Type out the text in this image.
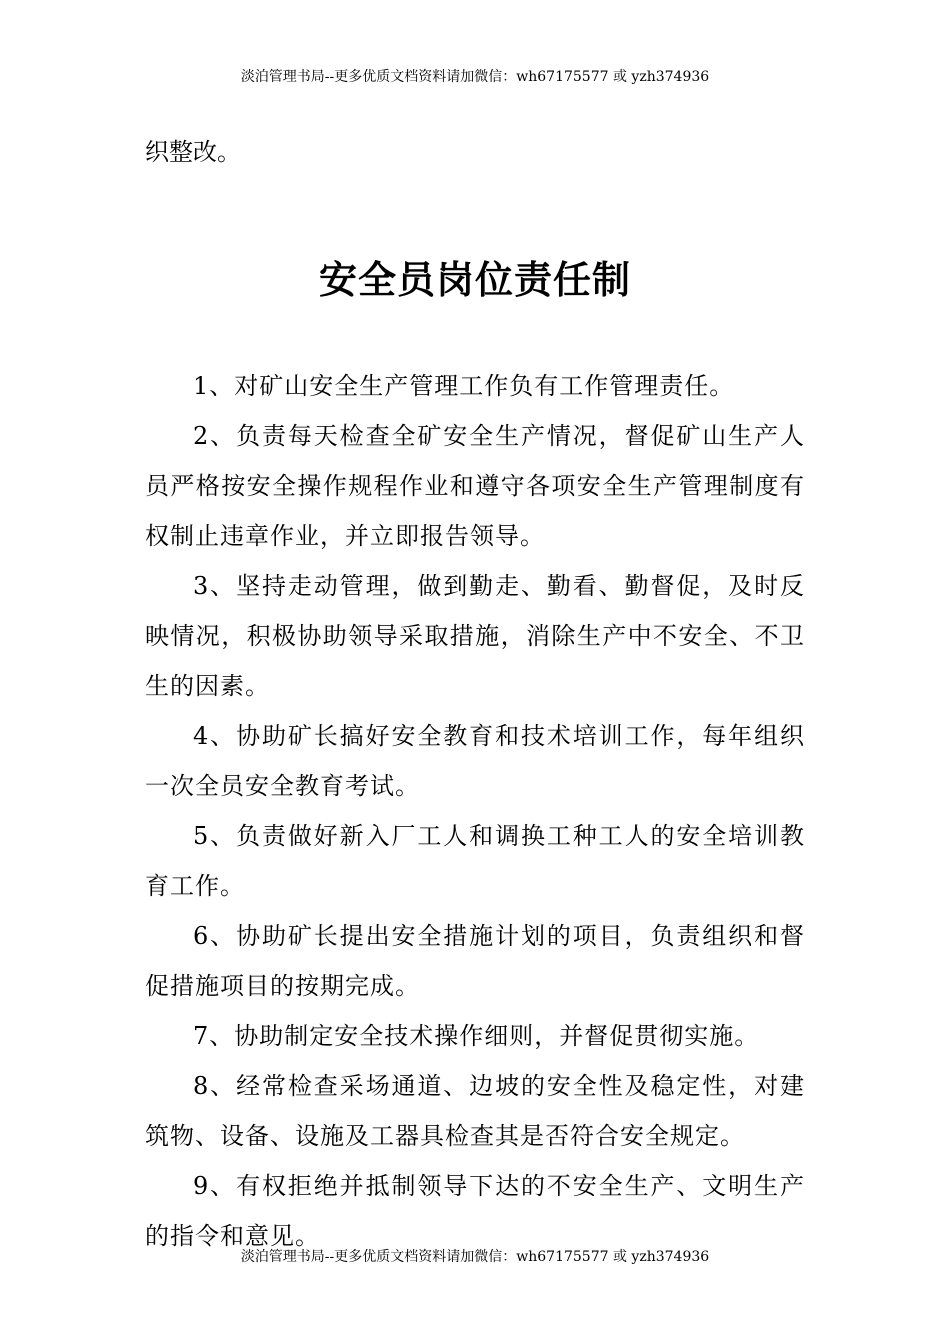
淡泊管理书局--更多优质文档资料请加微信：wh67175577 或 yzh374936

织整改。

安全员岗位责任制

1、对矿山安全生产管理工作负有工作管理责任。

2、负责每天检查全矿安全生产情况，督促矿山生产人员严格按安全操作规程作业和遵守各项安全生产管理制度有权制止违章作业，并立即报告领导。

3、坚持走动管理，做到勤走、勤看、勤督促，及时反映情况，积极协助领导采取措施，消除生产中不安全、不卫生的因素。

4、协助矿长搞好安全教育和技术培训工作，每年组织一次全员安全教育考试。

5、负责做好新入厂工人和调换工种工人的安全培训教育工作。

6、协助矿长提出安全措施计划的项目，负责组织和督促措施项目的按期完成。

7、协助制定安全技术操作细则，并督促贯彻实施。

8、经常检查采场通道、边坡的安全性及稳定性，对建筑物、设备、设施及工器具检查其是否符合安全规定。

9、有权拒绝并抵制领导下达的不安全生产、文明生产的指令和意见。

淡泊管理书局--更多优质文档资料请加微信：wh67175577 或 yzh374936
